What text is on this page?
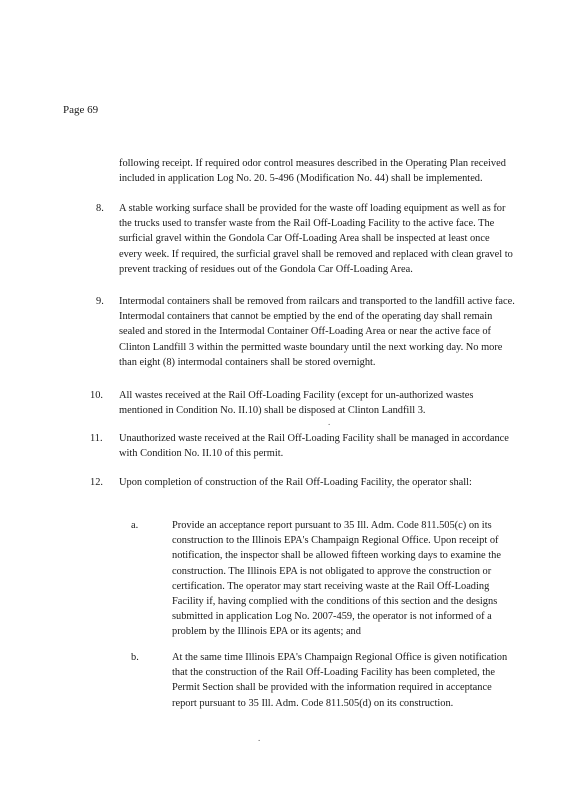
Page 69

following receipt. If required odor control measures described in the Operating Plan received included in application Log No. 20. 5-496 (Modification No. 44) shall be implemented.

8. A stable working surface shall be provided for the waste off loading equipment as well as for the trucks used to transfer waste from the Rail Off-Loading Facility to the active face. The surficial gravel within the Gondola Car Off-Loading Area shall be inspected at least once every week. If required, the surficial gravel shall be removed and replaced with clean gravel to prevent tracking of residues out of the Gondola Car Off-Loading Area.

9. Intermodal containers shall be removed from railcars and transported to the landfill active face. Intermodal containers that cannot be emptied by the end of the operating day shall remain sealed and stored in the Intermodal Container Off-Loading Area or near the active face of Clinton Landfill 3 within the permitted waste boundary until the next working day. No more than eight (8) intermodal containers shall be stored overnight.

10. All wastes received at the Rail Off-Loading Facility (except for un-authorized wastes mentioned in Condition No. II.10) shall be disposed at Clinton Landfill 3.

.
11. Unauthorized waste received at the Rail Off-Loading Facility shall be managed in accordance with Condition No. II.10 of this permit.

12. Upon completion of construction of the Rail Off-Loading Facility, the operator shall:

a.	Provide an acceptance report pursuant to 35 Ill. Adm. Code 811.505(c) on its construction to the Illinois EPA's Champaign Regional Office. Upon receipt of notification, the inspector shall be allowed fifteen working days to examine the construction. The Illinois EPA is not obligated to approve the construction or certification. The operator may start receiving waste at the Rail Off-Loading Facility if, having complied with the conditions of this section and the designs submitted in application Log No. 2007-459, the operator is not informed of a problem by the Illinois EPA or its agents; and

b.	At the same time Illinois EPA's Champaign Regional Office is given notification that the construction of the Rail Off-Loading Facility has been completed, the Permit Section shall be provided with the information required in acceptance report pursuant to 35 Ill. Adm. Code 811.505(d) on its construction.

.
